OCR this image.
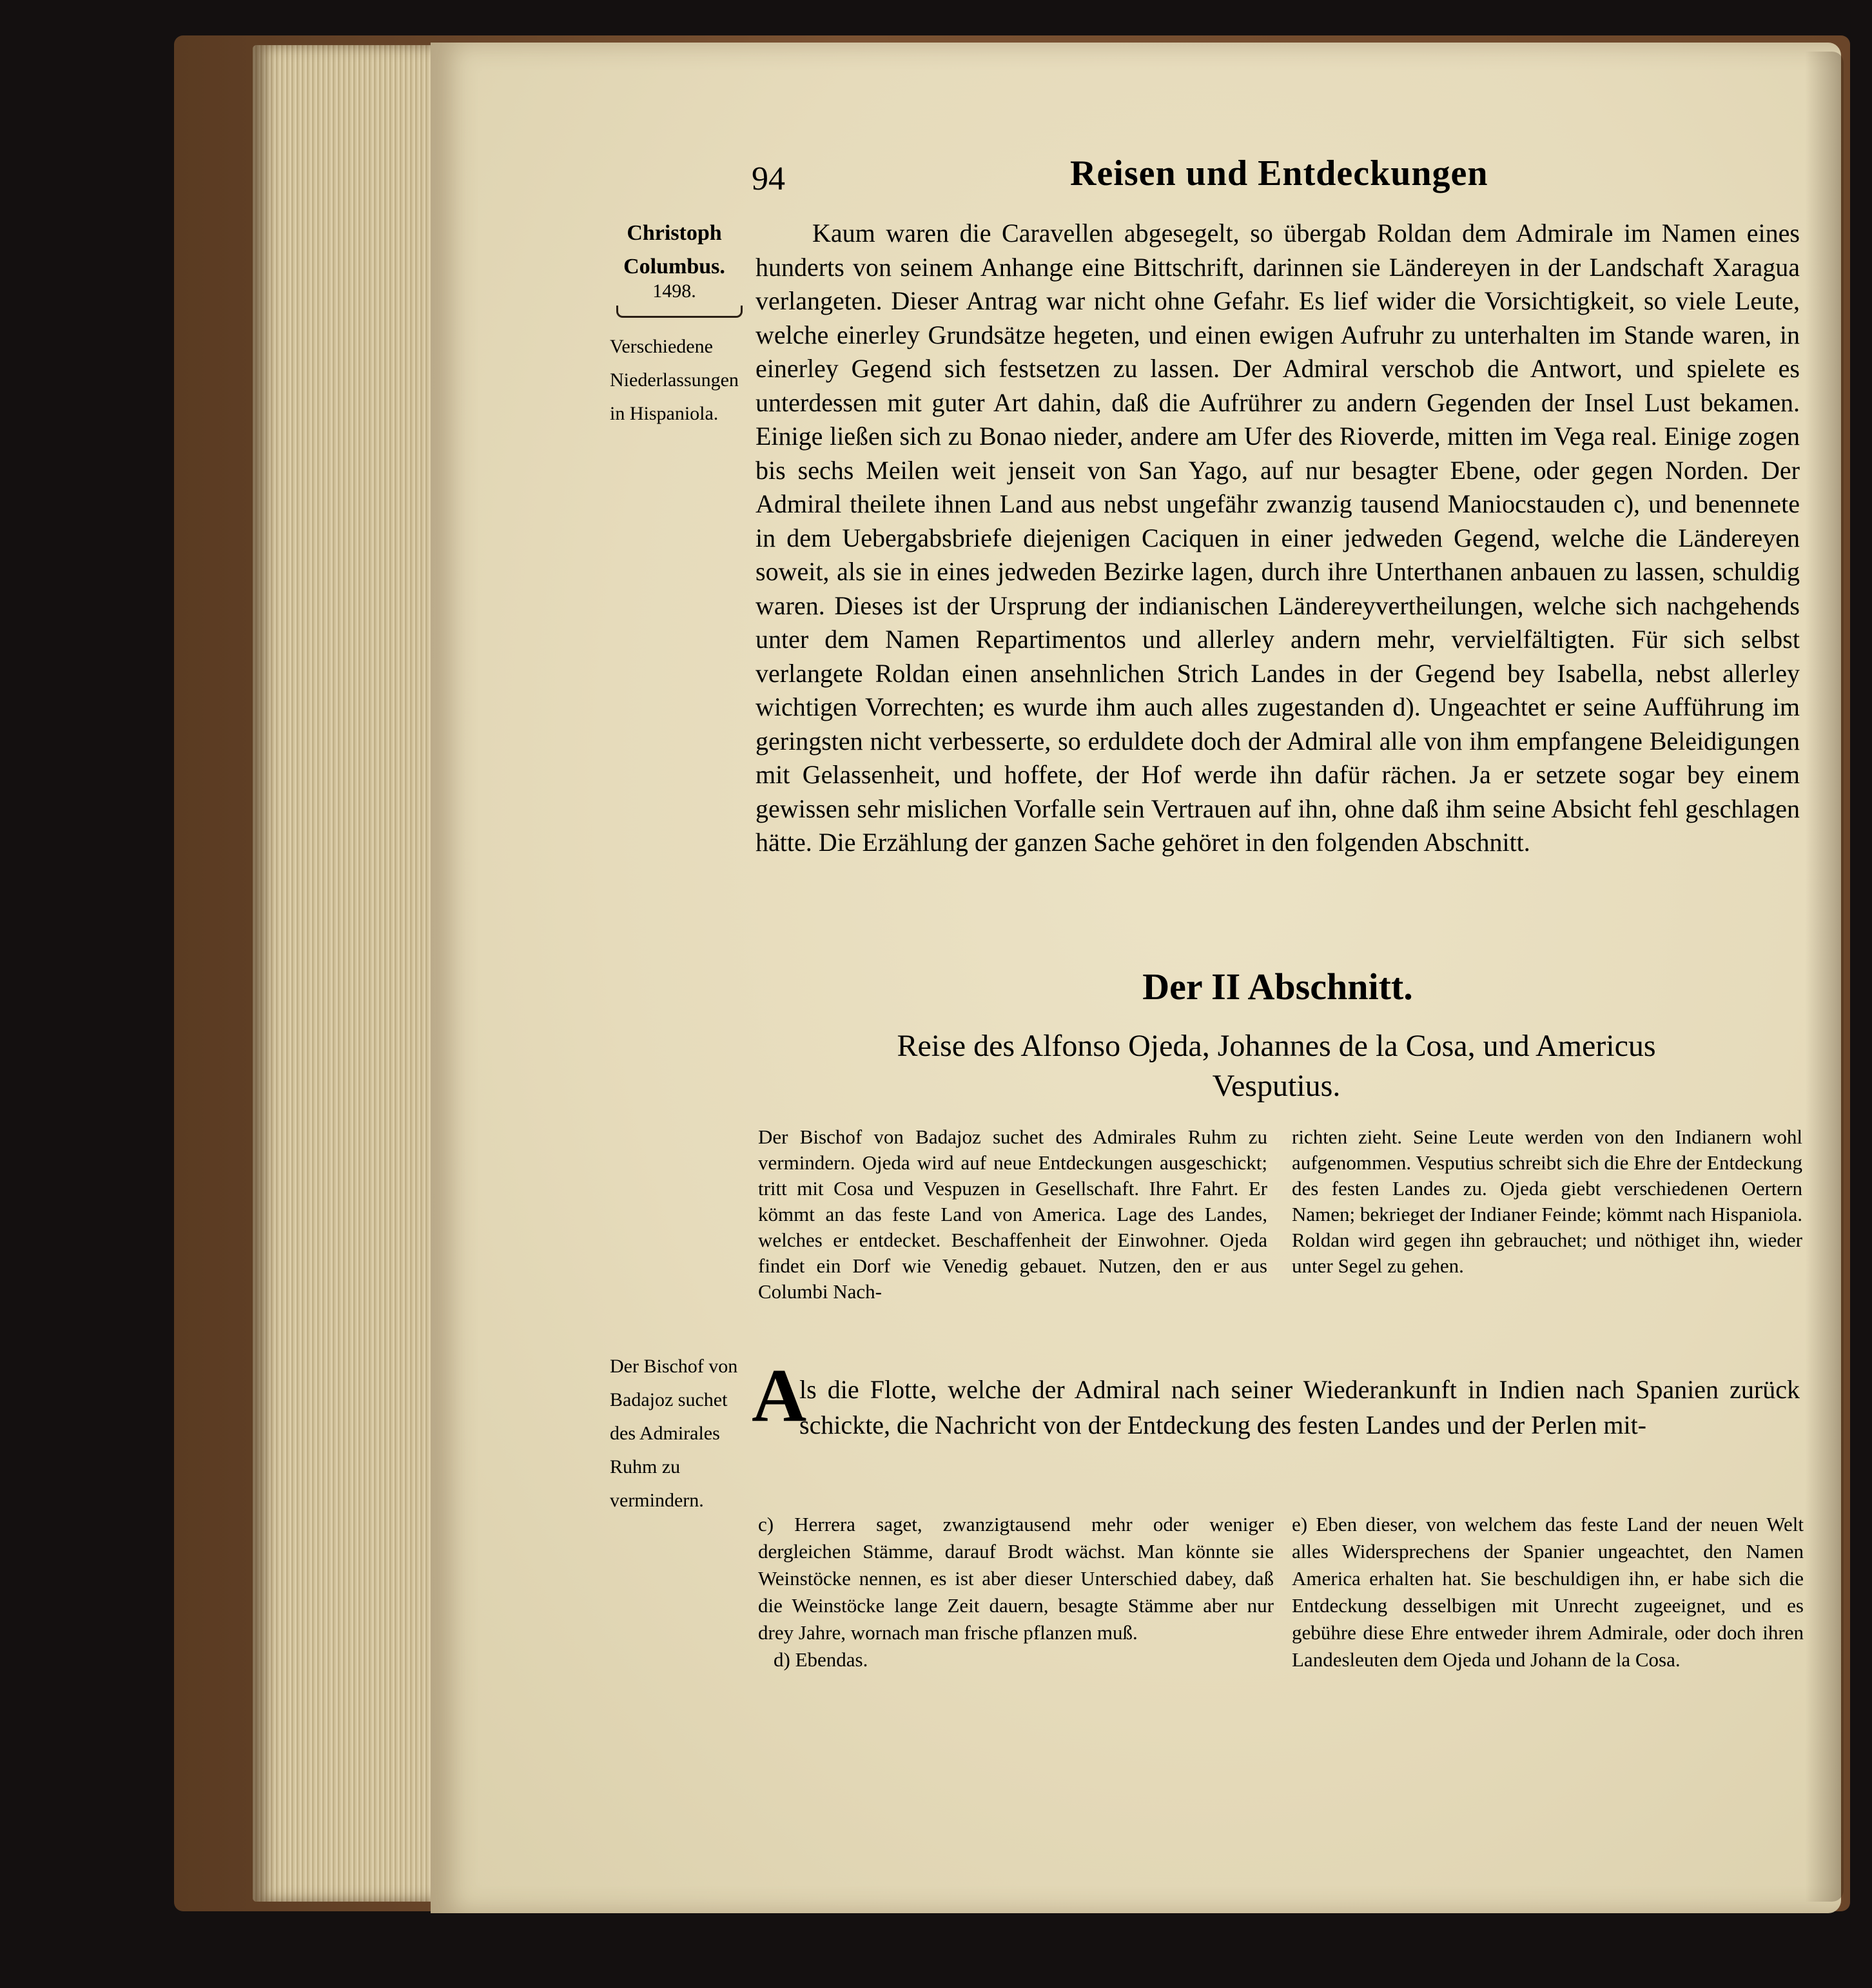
94	Reisen und Entdeckungen
Christoph Columbus.
1498.
Verschiedene Niederlassungen in Hispaniola.
Kaum waren die Caravellen abgesegelt, so übergab Roldan dem Admirale im Namen eines hunderts von seinem Anhange eine Bittschrift, darinnen sie Ländereyen in der Landschaft Xaragua verlangeten. Dieser Antrag war nicht ohne Gefahr. Es lief wider die Vorsichtigkeit, so viele Leute, welche einerley Grundsätze hegeten, und einen ewigen Aufruhr zu unterhalten im Stande waren, in einerley Gegend sich festsetzen zu lassen. Der Admiral verschob die Antwort, und spielete es unterdessen mit guter Art dahin, daß die Aufrührer zu andern Gegenden der Insel Lust bekamen. Einige ließen sich zu Bonao nieder, andere am Ufer des Rioverde, mitten im Vega real. Einige zogen bis sechs Meilen weit jenseit von San Yago, auf nur besagter Ebene, oder gegen Norden. Der Admiral theilete ihnen Land aus nebst ungefähr zwanzig tausend Maniocstauden c), und benennete in dem Uebergabsbriefe diejenigen Caciquen in einer jedweden Gegend, welche die Ländereyen soweit, als sie in eines jedweden Bezirke lagen, durch ihre Unterthanen anbauen zu lassen, schuldig waren. Dieses ist der Ursprung der indianischen Ländereyvertheilungen, welche sich nachgehends unter dem Namen Repartimentos und allerley andern mehr, vervielfältigten. Für sich selbst verlangete Roldan einen ansehnlichen Strich Landes in der Gegend bey Isabella, nebst allerley wichtigen Vorrechten; es wurde ihm auch alles zugestanden d). Ungeachtet er seine Aufführung im geringsten nicht verbesserte, so erduldete doch der Admiral alle von ihm empfangene Beleidigungen mit Gelassenheit, und hoffete, der Hof werde ihn dafür rächen. Ja er setzete sogar bey einem gewissen sehr mislichen Vorfalle sein Vertrauen auf ihn, ohne daß ihm seine Absicht fehl geschlagen hätte. Die Erzählung der ganzen Sache gehöret in den folgenden Abschnitt.
Der II Abschnitt.
Reise des Alfonso Ojeda, Johannes de la Cosa, und Americus Vesputius.
Der Bischof von Badajoz suchet des Admirales Ruhm zu vermindern. Ojeda wird auf neue Entdeckungen ausgeschickt; tritt mit Cosa und Vespuzen in Gesellschaft. Ihre Fahrt. Er kömmt an das feste Land von America. Lage des Landes, welches er entdecket. Beschaffenheit der Einwohner. Ojeda findet ein Dorf wie Venedig gebauet. Nutzen, den er aus Columbi Nach-
richten zieht. Seine Leute werden von den Indianern wohl aufgenommen. Vesputius schreibt sich die Ehre der Entdeckung des festen Landes zu. Ojeda giebt verschiedenen Oertern Namen; bekrieget der Indianer Feinde; kömmt nach Hispaniola. Roldan wird gegen ihn gebrauchet; und nöthiget ihn, wieder unter Segel zu gehen.
Der Bischof von Badajoz suchet des Admirales Ruhm zu vermindern.
A
ls die Flotte, welche der Admiral nach seiner Wiederankunft in Indien nach Spanien zurück schickte, die Nachricht von der Entdeckung des festen Landes und der Perlen mit-
c) Herrera saget, zwanzigtausend mehr oder weniger dergleichen Stämme, darauf Brodt wächst. Man könnte sie Weinstöcke nennen, es ist aber dieser Unterschied dabey, daß die Weinstöcke lange Zeit dauern, besagte Stämme aber nur drey Jahre, wornach man frische pflanzen muß.
d) Ebendas.
e) Eben dieser, von welchem das feste Land der neuen Welt alles Widersprechens der Spanier ungeachtet, den Namen America erhalten hat. Sie beschuldigen ihn, er habe sich die Entdeckung desselbigen mit Unrecht zugeeignet, und es gebühre diese Ehre entweder ihrem Admirale, oder doch ihren Landesleuten dem Ojeda und Johann de la Cosa.
